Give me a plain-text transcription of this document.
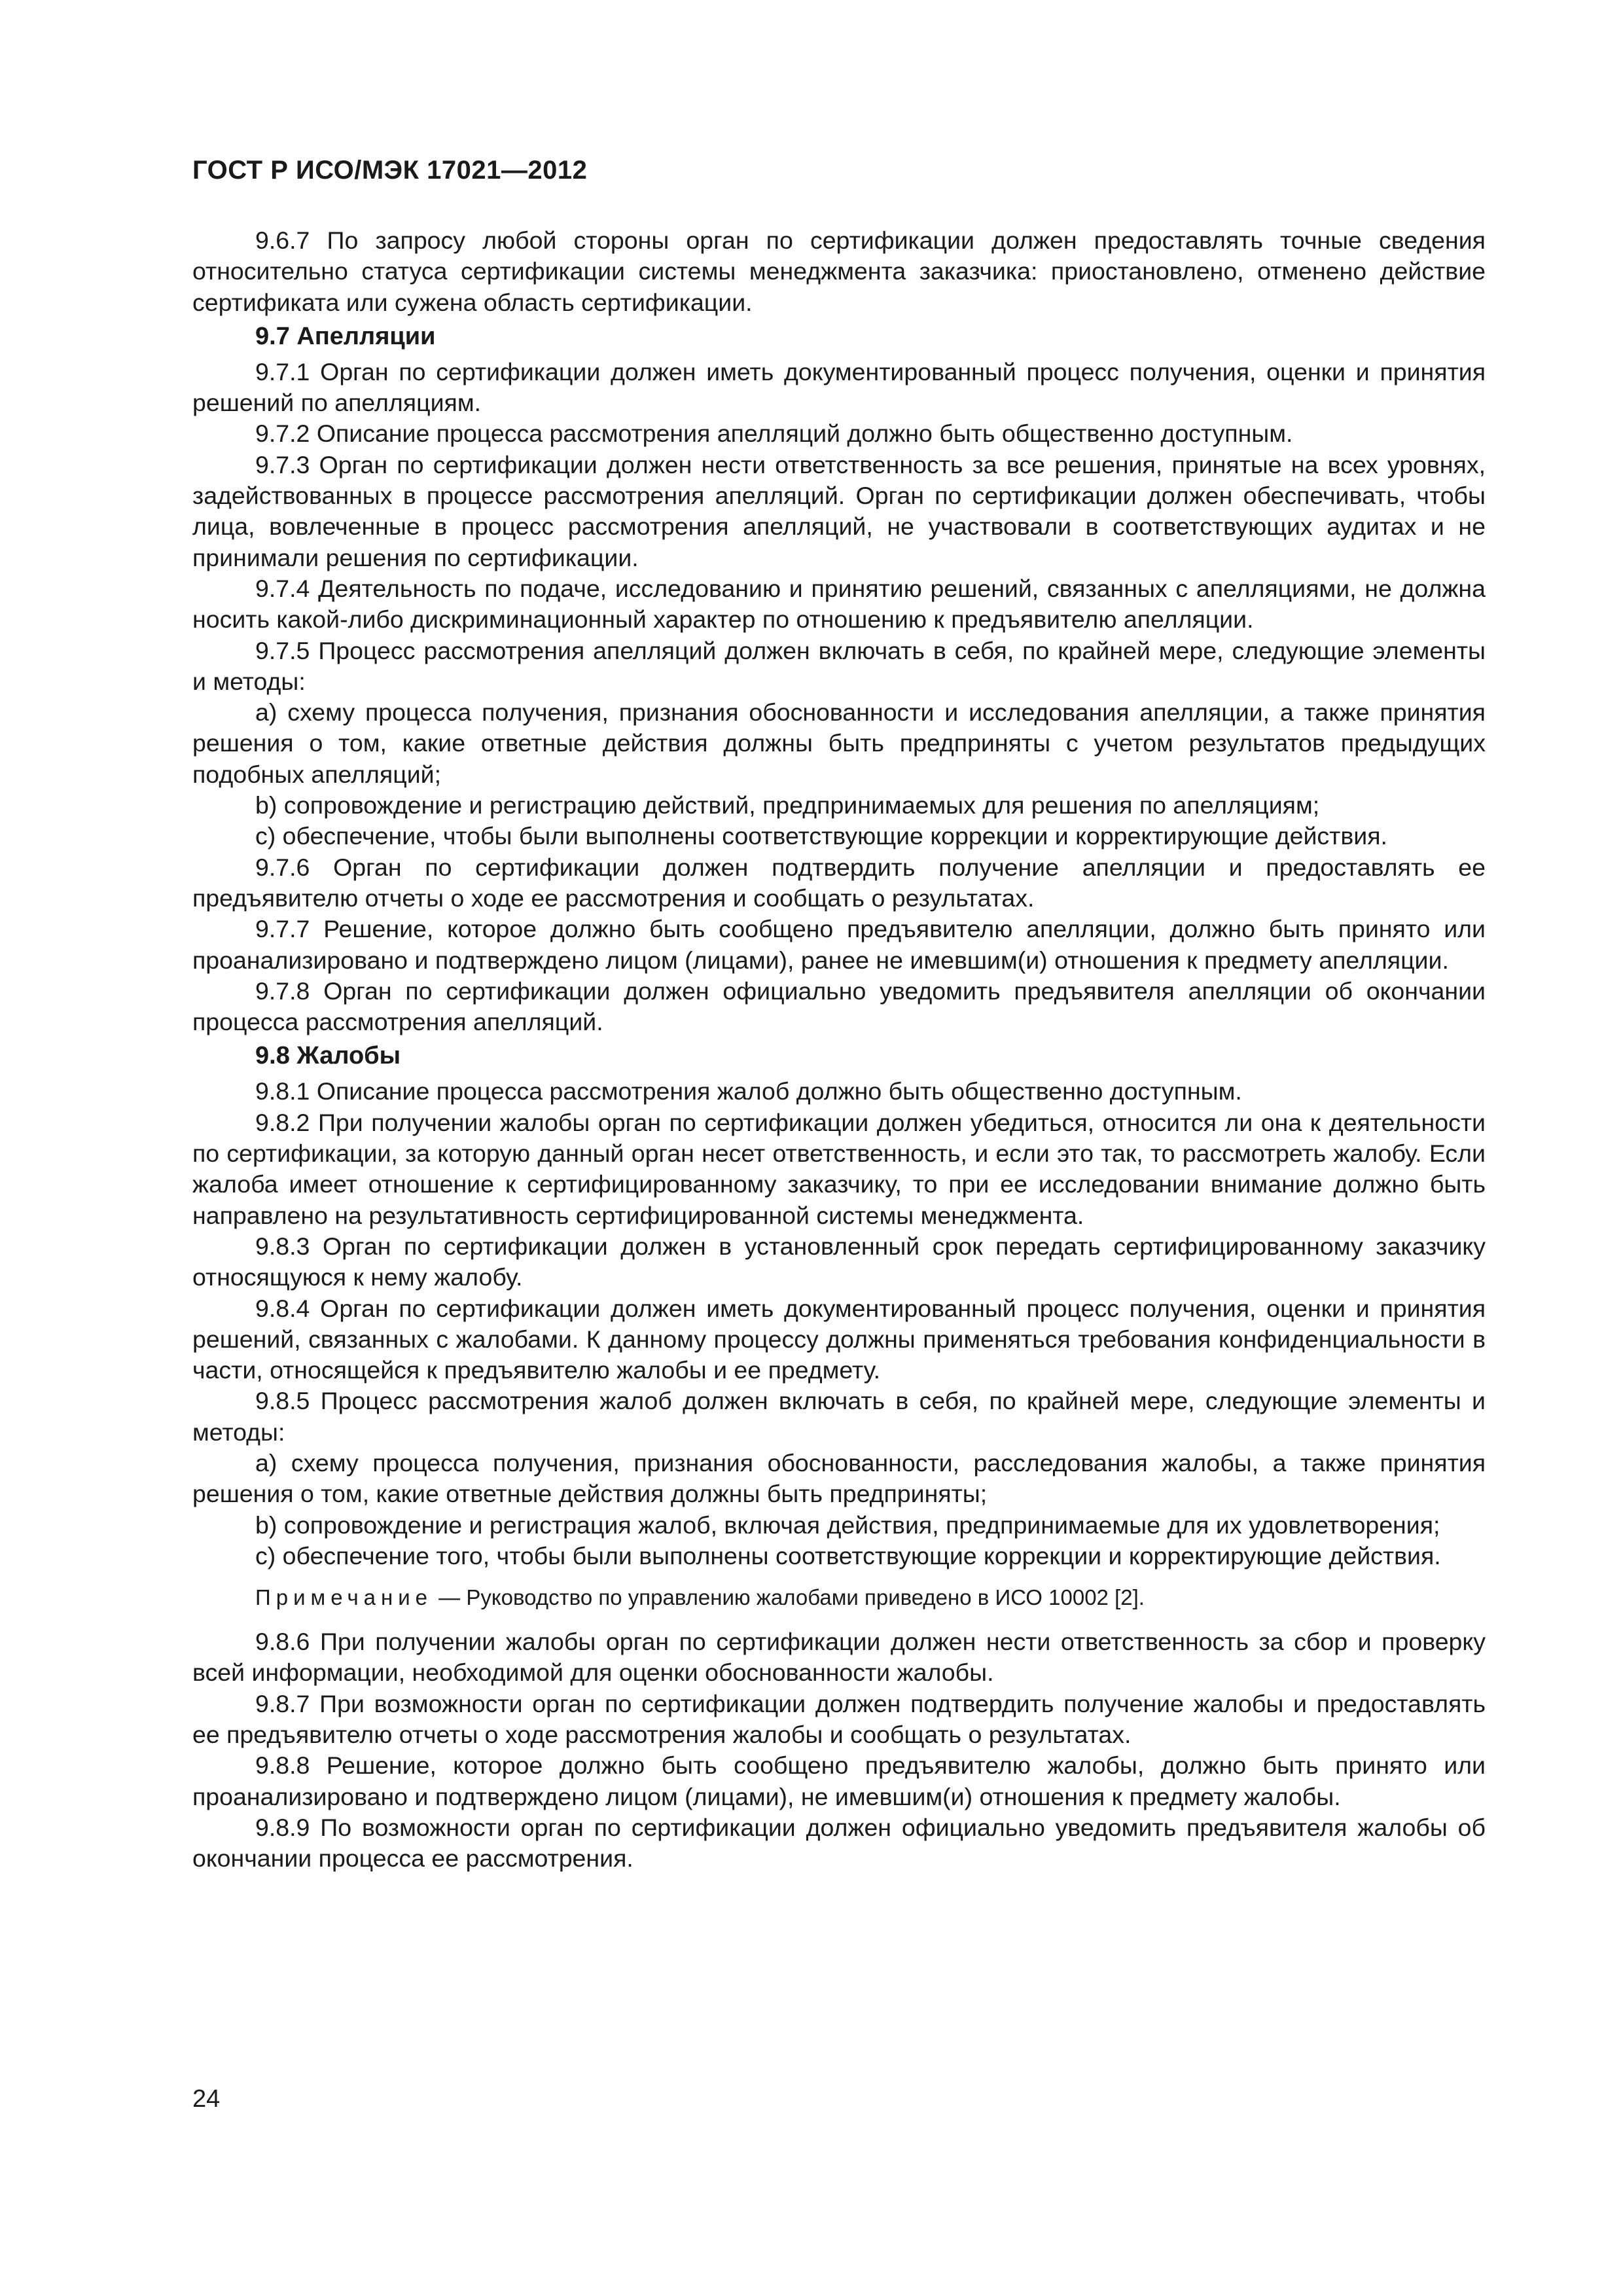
ГОСТ Р ИСО/МЭК 17021—2012

9.6.7 По запросу любой стороны орган по сертификации должен предоставлять точные сведения относительно статуса сертификации системы менеджмента заказчика: приостановлено, отменено действие сертификата или сужена область сертификации.

9.7 Апелляции

9.7.1 Орган по сертификации должен иметь документированный процесс получения, оценки и принятия решений по апелляциям.

9.7.2 Описание процесса рассмотрения апелляций должно быть общественно доступным.

9.7.3 Орган по сертификации должен нести ответственность за все решения, принятые на всех уровнях, задействованных в процессе рассмотрения апелляций. Орган по сертификации должен обеспечивать, чтобы лица, вовлеченные в процесс рассмотрения апелляций, не участвовали в соответствующих аудитах и не принимали решения по сертификации.

9.7.4 Деятельность по подаче, исследованию и принятию решений, связанных с апелляциями, не должна носить какой-либо дискриминационный характер по отношению к предъявителю апелляции.

9.7.5 Процесс рассмотрения апелляций должен включать в себя, по крайней мере, следующие элементы и методы:

a) схему процесса получения, признания обоснованности и исследования апелляции, а также принятия решения о том, какие ответные действия должны быть предприняты с учетом результатов предыдущих подобных апелляций;

b) сопровождение и регистрацию действий, предпринимаемых для решения по апелляциям;

c) обеспечение, чтобы были выполнены соответствующие коррекции и корректирующие действия.

9.7.6 Орган по сертификации должен подтвердить получение апелляции и предоставлять ее предъявителю отчеты о ходе ее рассмотрения и сообщать о результатах.

9.7.7 Решение, которое должно быть сообщено предъявителю апелляции, должно быть принято или проанализировано и подтверждено лицом (лицами), ранее не имевшим(и) отношения к предмету апелляции.

9.7.8 Орган по сертификации должен официально уведомить предъявителя апелляции об окончании процесса рассмотрения апелляций.

9.8 Жалобы

9.8.1 Описание процесса рассмотрения жалоб должно быть общественно доступным.

9.8.2 При получении жалобы орган по сертификации должен убедиться, относится ли она к деятельности по сертификации, за которую данный орган несет ответственность, и если это так, то рассмотреть жалобу. Если жалоба имеет отношение к сертифицированному заказчику, то при ее исследовании внимание должно быть направлено на результативность сертифицированной системы менеджмента.

9.8.3 Орган по сертификации должен в установленный срок передать сертифицированному заказчику относящуюся к нему жалобу.

9.8.4 Орган по сертификации должен иметь документированный процесс получения, оценки и принятия решений, связанных с жалобами. К данному процессу должны применяться требования конфиденциальности в части, относящейся к предъявителю жалобы и ее предмету.

9.8.5 Процесс рассмотрения жалоб должен включать в себя, по крайней мере, следующие элементы и методы:

a) схему процесса получения, признания обоснованности, расследования жалобы, а также принятия решения о том, какие ответные действия должны быть предприняты;

b) сопровождение и регистрация жалоб, включая действия, предпринимаемые для их удовлетворения;

c) обеспечение того, чтобы были выполнены соответствующие коррекции и корректирующие действия.

Примечание — Руководство по управлению жалобами приведено в ИСО 10002 [2].

9.8.6 При получении жалобы орган по сертификации должен нести ответственность за сбор и проверку всей информации, необходимой для оценки обоснованности жалобы.

9.8.7 При возможности орган по сертификации должен подтвердить получение жалобы и предоставлять ее предъявителю отчеты о ходе рассмотрения жалобы и сообщать о результатах.

9.8.8 Решение, которое должно быть сообщено предъявителю жалобы, должно быть принято или проанализировано и подтверждено лицом (лицами), не имевшим(и) отношения к предмету жалобы.

9.8.9 По возможности орган по сертификации должен официально уведомить предъявителя жалобы об окончании процесса ее рассмотрения.

24
